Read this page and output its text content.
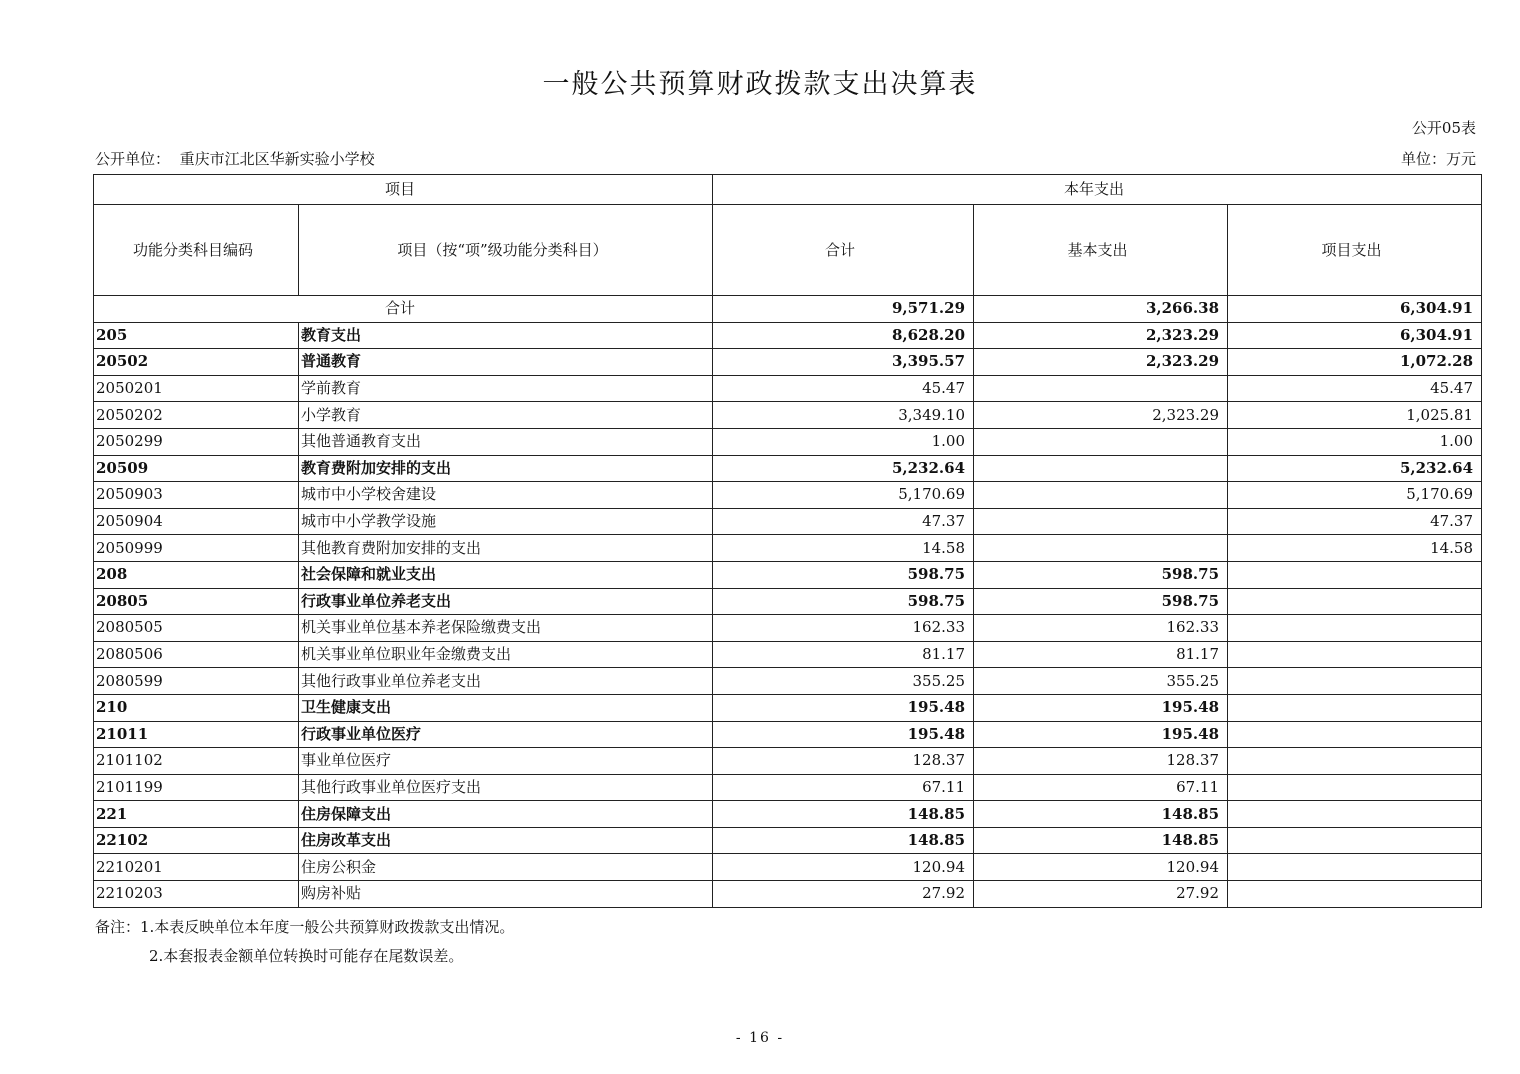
一般公共预算财政拨款支出决算表
公开05表
公开单位： 重庆市江北区华新实验小学校	单位：万元
项目		本年支出		
功能分类科目编码	项目（按“项”级功能分类科目）	合计	基本支出	项目支出
合计		9,571.29	3,266.38	6,304.91
205	教育支出	8,628.20	2,323.29	6,304.91
20502	普通教育	3,395.57	2,323.29	1,072.28
2050201	学前教育	45.47		45.47
2050202	小学教育	3,349.10	2,323.29	1,025.81
2050299	其他普通教育支出	1.00		1.00
20509	教育费附加安排的支出	5,232.64		5,232.64
2050903	城市中小学校舍建设	5,170.69		5,170.69
2050904	城市中小学教学设施	47.37		47.37
2050999	其他教育费附加安排的支出	14.58		14.58
208	社会保障和就业支出	598.75	598.75	
20805	行政事业单位养老支出	598.75	598.75	
2080505	机关事业单位基本养老保险缴费支出	162.33	162.33	
2080506	机关事业单位职业年金缴费支出	81.17	81.17	
2080599	其他行政事业单位养老支出	355.25	355.25	
210	卫生健康支出	195.48	195.48	
21011	行政事业单位医疗	195.48	195.48	
2101102	事业单位医疗	128.37	128.37	
2101199	其他行政事业单位医疗支出	67.11	67.11	
221	住房保障支出	148.85	148.85	
22102	住房改革支出	148.85	148.85	
2210201	住房公积金	120.94	120.94	
2210203	购房补贴	27.92	27.92	
备注：1.本表反映单位本年度一般公共预算财政拨款支出情况。
2.本套报表金额单位转换时可能存在尾数误差。
- 16 -
